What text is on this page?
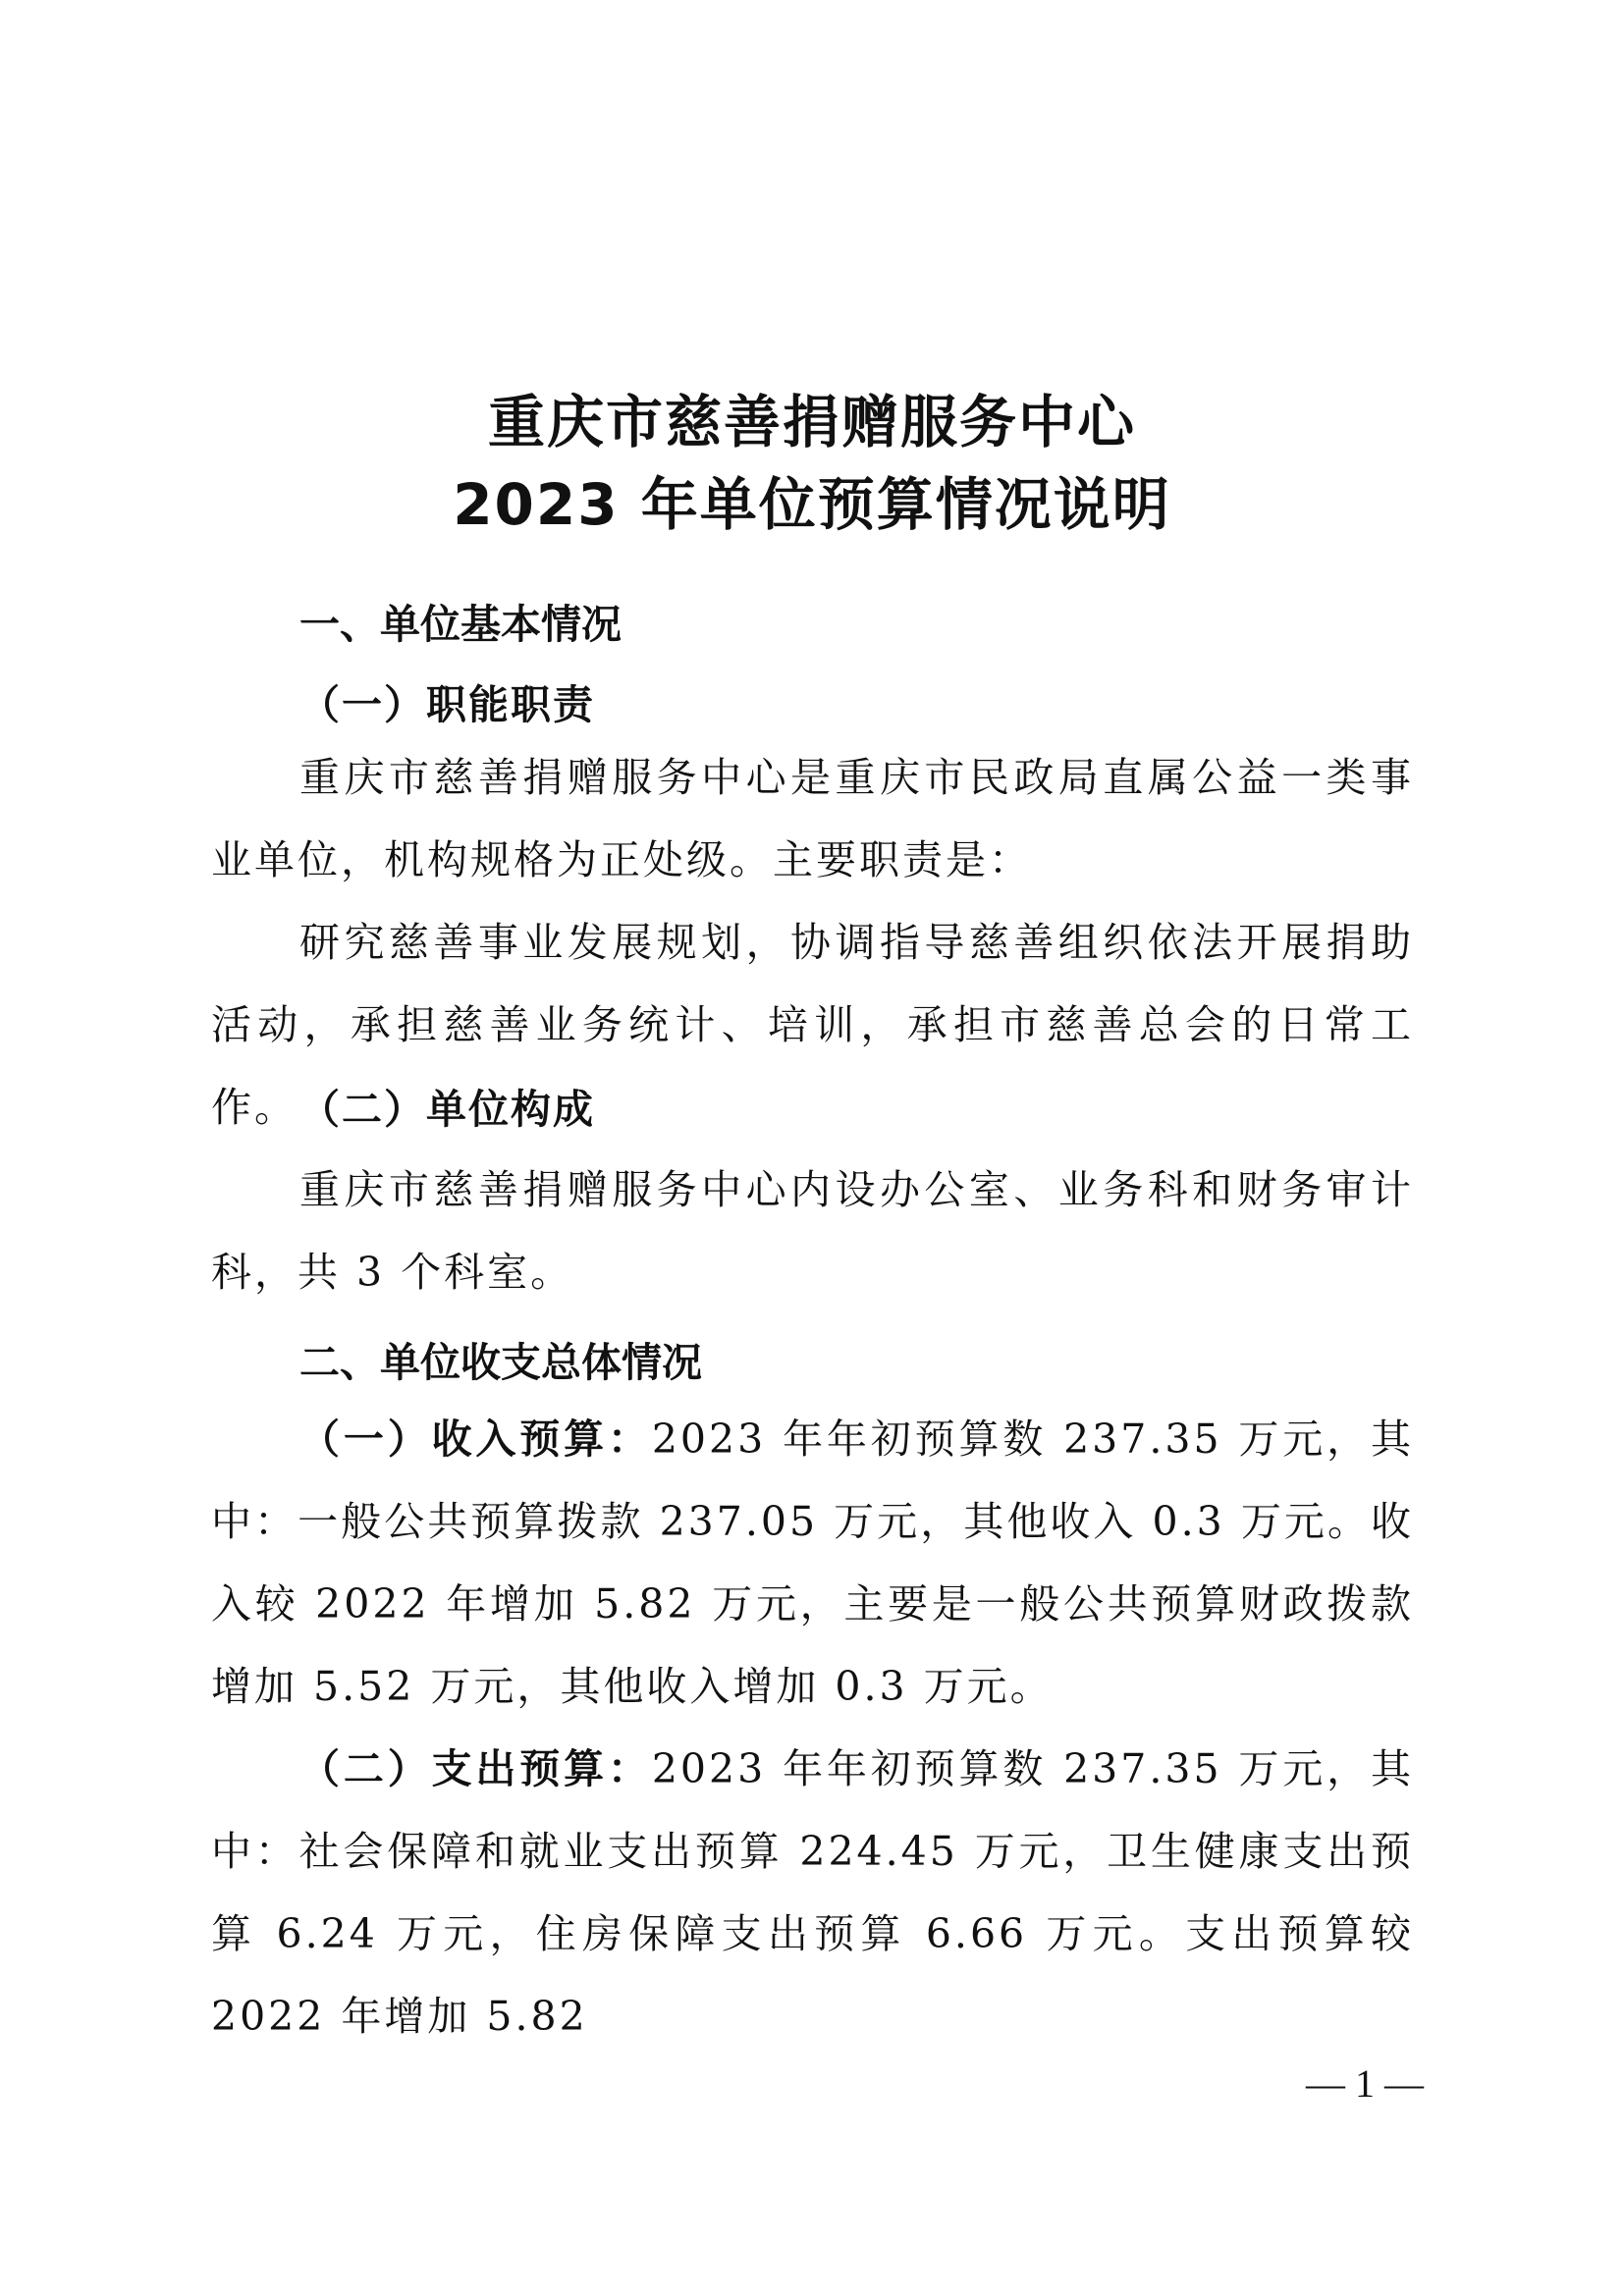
重庆市慈善捐赠服务中心
2023 年单位预算情况说明
一、单位基本情况
（一）职能职责

重庆市慈善捐赠服务中心是重庆市民政局直属公益一类事业单位，机构规格为正处级。主要职责是：

研究慈善事业发展规划，协调指导慈善组织依法开展捐助活动，承担慈善业务统计、培训，承担市慈善总会的日常工作。 （二）单位构成

重庆市慈善捐赠服务中心内设办公室、业务科和财务审计科，共 3 个科室。

二、单位收支总体情况

（一）收入预算：2023 年年初预算数 237.35 万元，其中：一般公共预算拨款 237.05 万元，其他收入 0.3 万元。收入较 2022 年增加 5.82 万元，主要是一般公共预算财政拨款增加 5.52 万元，其他收入增加 0.3 万元。

（二）支出预算：2023 年年初预算数 237.35 万元，其中：社会保障和就业支出预算 224.45 万元，卫生健康支出预算 6.24 万元，住房保障支出预算 6.66 万元。支出预算较 2022 年增加 5.82

— 1 —
